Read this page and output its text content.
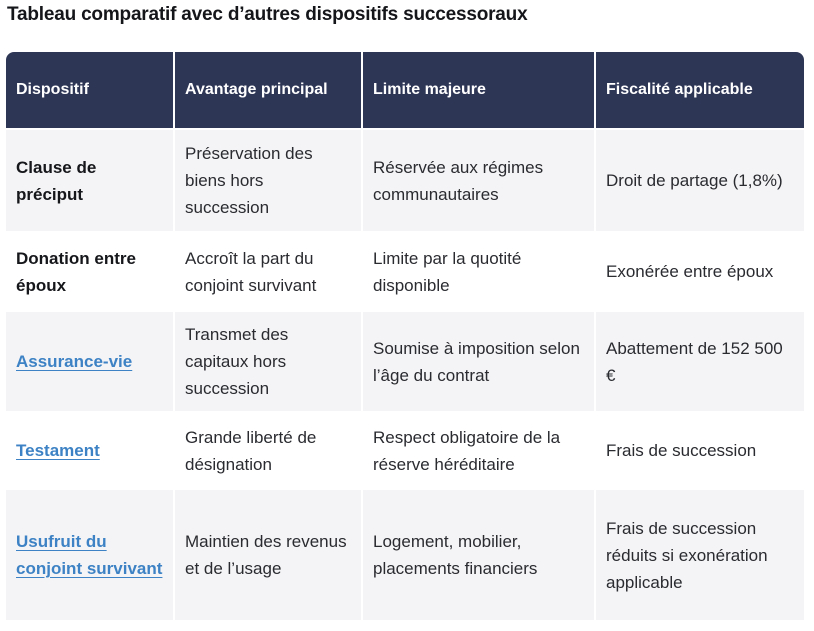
Tableau comparatif avec d’autres dispositifs successoraux
Dispositif	Avantage principal	Limite majeure	Fiscalité applicable
Clause de préciput	Préservation des biens hors succession	Réservée aux régimes communautaires	Droit de partage (1,8%)
Donation entre époux	Accroît la part du conjoint survivant	Limite par la quotité disponible	Exonérée entre époux
Assurance-vie	Transmet des capitaux hors succession	Soumise à imposition selon l’âge du contrat	Abattement de 152 500 €
Testament	Grande liberté de désignation	Respect obligatoire de la réserve héréditaire	Frais de succession
Usufruit du conjoint survivant	Maintien des revenus et de l’usage	Logement, mobilier, placements financiers	Frais de succession réduits si exonération applicable
